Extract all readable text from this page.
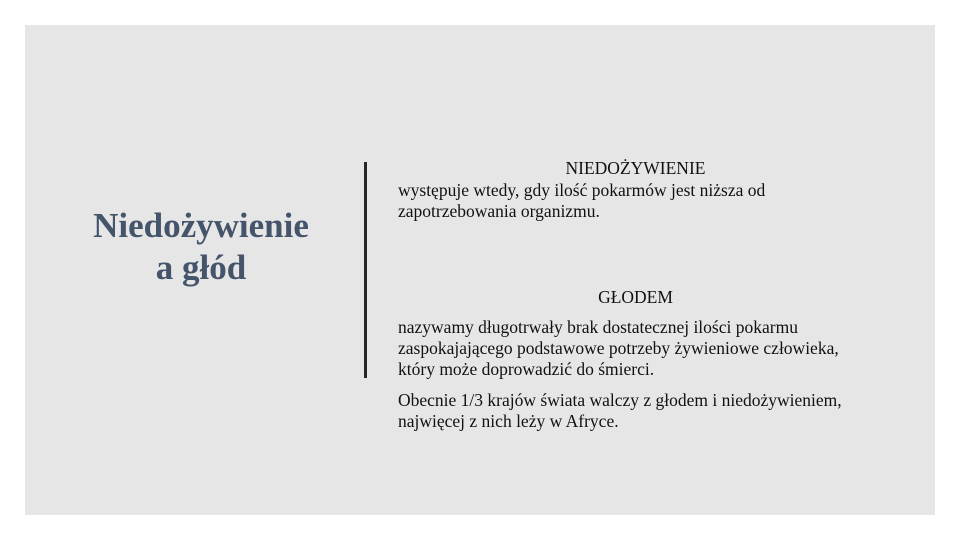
Niedożywienie
a głód
NIEDOŻYWIENIE

występuje wtedy, gdy ilość pokarmów jest niższa od zapotrzebowania organizmu.

GŁODEM

nazywamy długotrwały brak dostatecznej ilości pokarmu zaspokajającego podstawowe potrzeby żywieniowe człowieka, który może doprowadzić do śmierci.

Obecnie 1/3 krajów świata walczy z głodem i niedożywieniem, najwięcej z nich leży w Afryce.
